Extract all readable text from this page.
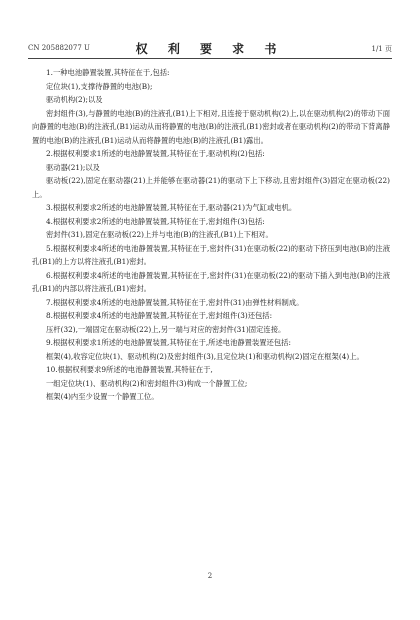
CN 205882077 U	权 利 要 求 书	1/1 页

1.一种电池静置装置,其特征在于,包括:

定位块(1),支撑待静置的电池(B);

驱动机构(2);以及

密封组件(3),与静置的电池(B)的注液孔(B1)上下相对,且连接于驱动机构(2)上,以在驱动机构(2)的带动下面向静置的电池(B)的注液孔(B1)运动从而将静置的电池(B)的注液孔(B1)密封或者在驱动机构(2)的带动下背离静置的电池(B)的注液孔(B1)运动从而将静置的电池(B)的注液孔(B1)露出。

2.根据权利要求1所述的电池静置装置,其特征在于,驱动机构(2)包括:

驱动器(21);以及

驱动板(22),固定在驱动器(21)上并能够在驱动器(21)的驱动下上下移动,且密封组件(3)固定在驱动板(22)上。

3.根据权利要求2所述的电池静置装置,其特征在于,驱动器(21)为气缸或电机。

4.根据权利要求2所述的电池静置装置,其特征在于,密封组件(3)包括:

密封件(31),固定在驱动板(22)上并与电池(B)的注液孔(B1)上下相对。

5.根据权利要求4所述的电池静置装置,其特征在于,密封件(31)在驱动板(22)的驱动下挤压到电池(B)的注液孔(B1)的上方以将注液孔(B1)密封。

6.根据权利要求4所述的电池静置装置,其特征在于,密封件(31)在驱动板(22)的驱动下插入到电池(B)的注液孔(B1)的内部以将注液孔(B1)密封。

7.根据权利要求4所述的电池静置装置,其特征在于,密封件(31)由弹性材料制成。

8.根据权利要求4所述的电池静置装置,其特征在于,密封组件(3)还包括:

压杆(32),一端固定在驱动板(22)上,另一端与对应的密封件(31)固定连接。

9.根据权利要求1所述的电池静置装置,其特征在于,所述电池静置装置还包括:

框架(4),收容定位块(1)、驱动机构(2)及密封组件(3),且定位块(1)和驱动机构(2)固定在框架(4)上。

10.根据权利要求9所述的电池静置装置,其特征在于,

一组定位块(1)、驱动机构(2)和密封组件(3)构成一个静置工位;

框架(4)内至少设置一个静置工位。

2
